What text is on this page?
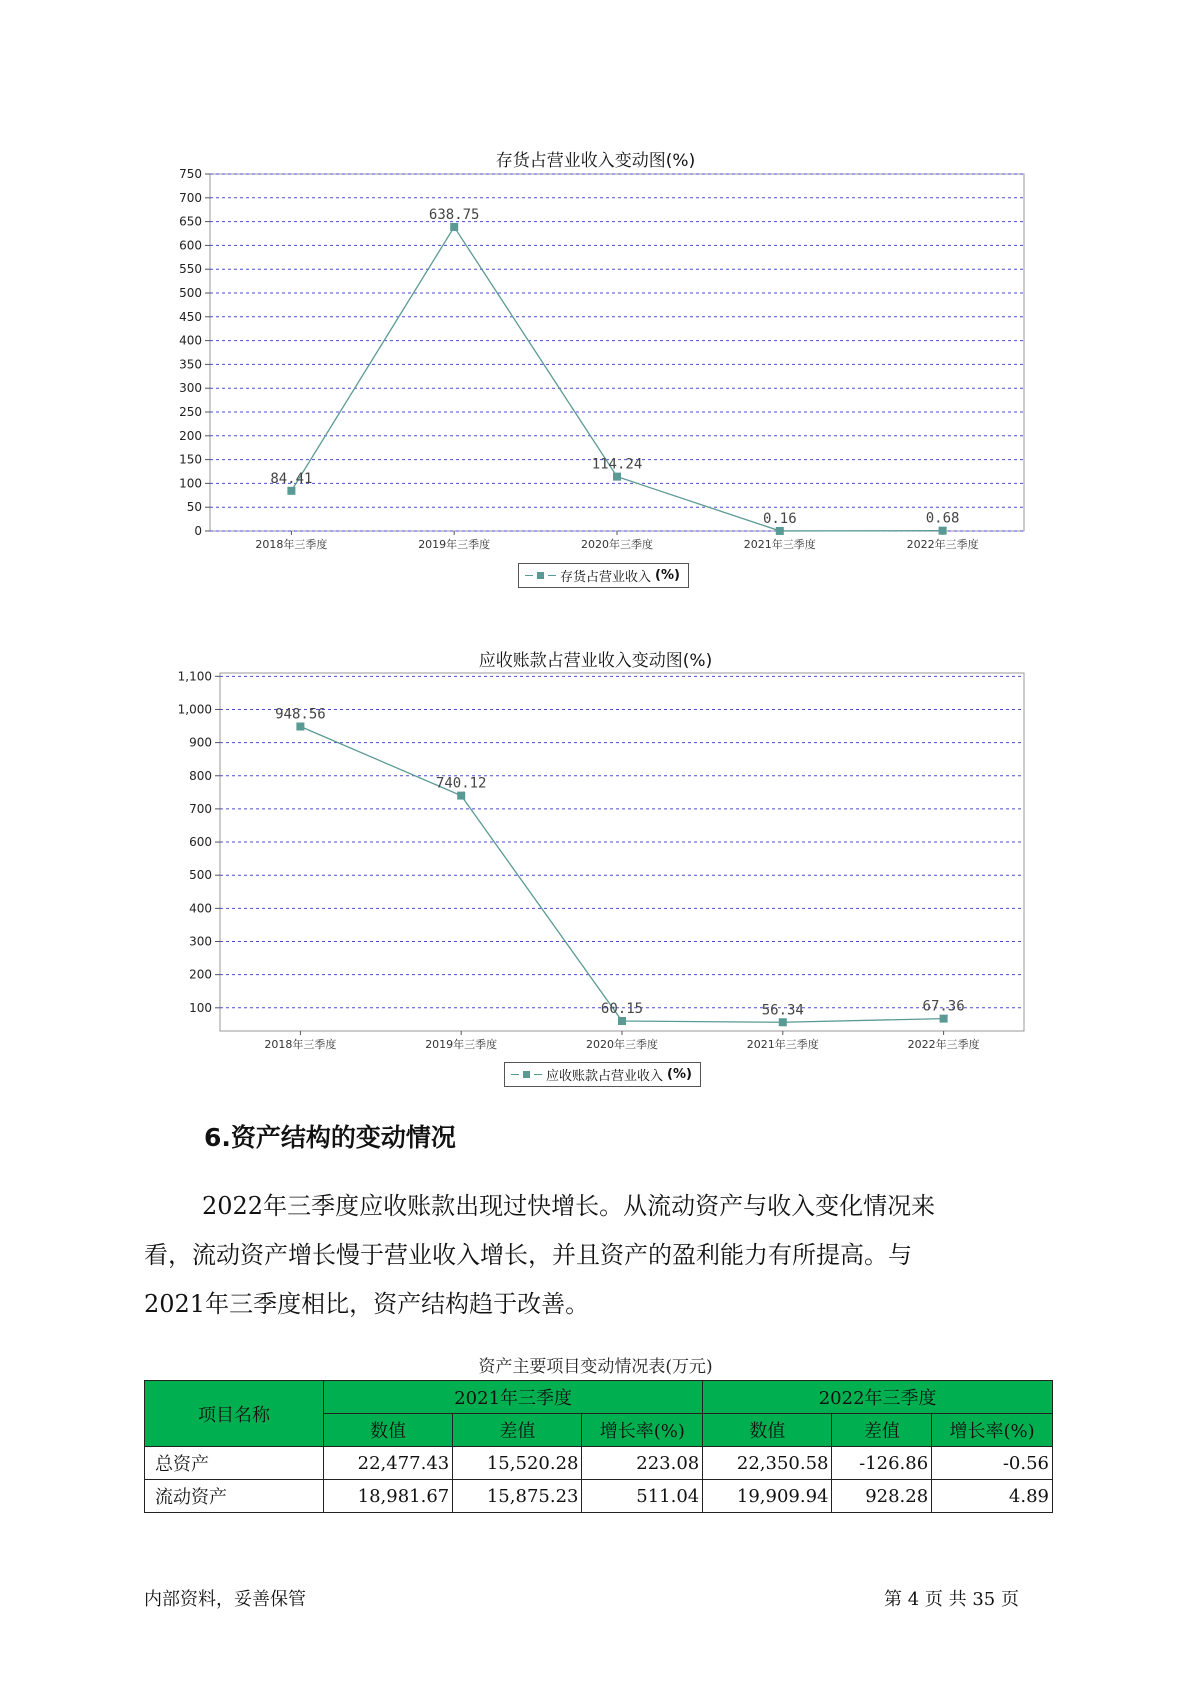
存货占营业收入变动图(%)
0
50
100
150
200
250
300
350
400
450
500
550
600
650
700
750
2018年三季度	2019年三季度	2020年三季度	2021年三季度	2022年三季度
84.41
638.75
114.24
0.16	0.68
存货占营业收入 (%)
应收账款占营业收入变动图(%)
100
200
300
400
500
600
700
800
900
1,000
1,100
2018年三季度	2019年三季度	2020年三季度	2021年三季度	2022年三季度
948.56
740.12
60.15	56.34	67.36
应收账款占营业收入 (%)
6.资产结构的变动情况
2022年三季度应收账款出现过快增长。从流动资产与收入变化情况来
看，流动资产增长慢于营业收入增长，并且资产的盈利能力有所提高。与
2021年三季度相比，资产结构趋于改善。
资产主要项目变动情况表(万元)
项目名称	2021年三季度			2022年三季度		
	数值	差值	增长率(%)	数值	差值	增长率(%)
总资产	22,477.43	15,520.28	223.08	22,350.58	-126.86	-0.56
流动资产	18,981.67	15,875.23	511.04	19,909.94	928.28	4.89
内部资料，妥善保管	第 4 页 共 35 页
